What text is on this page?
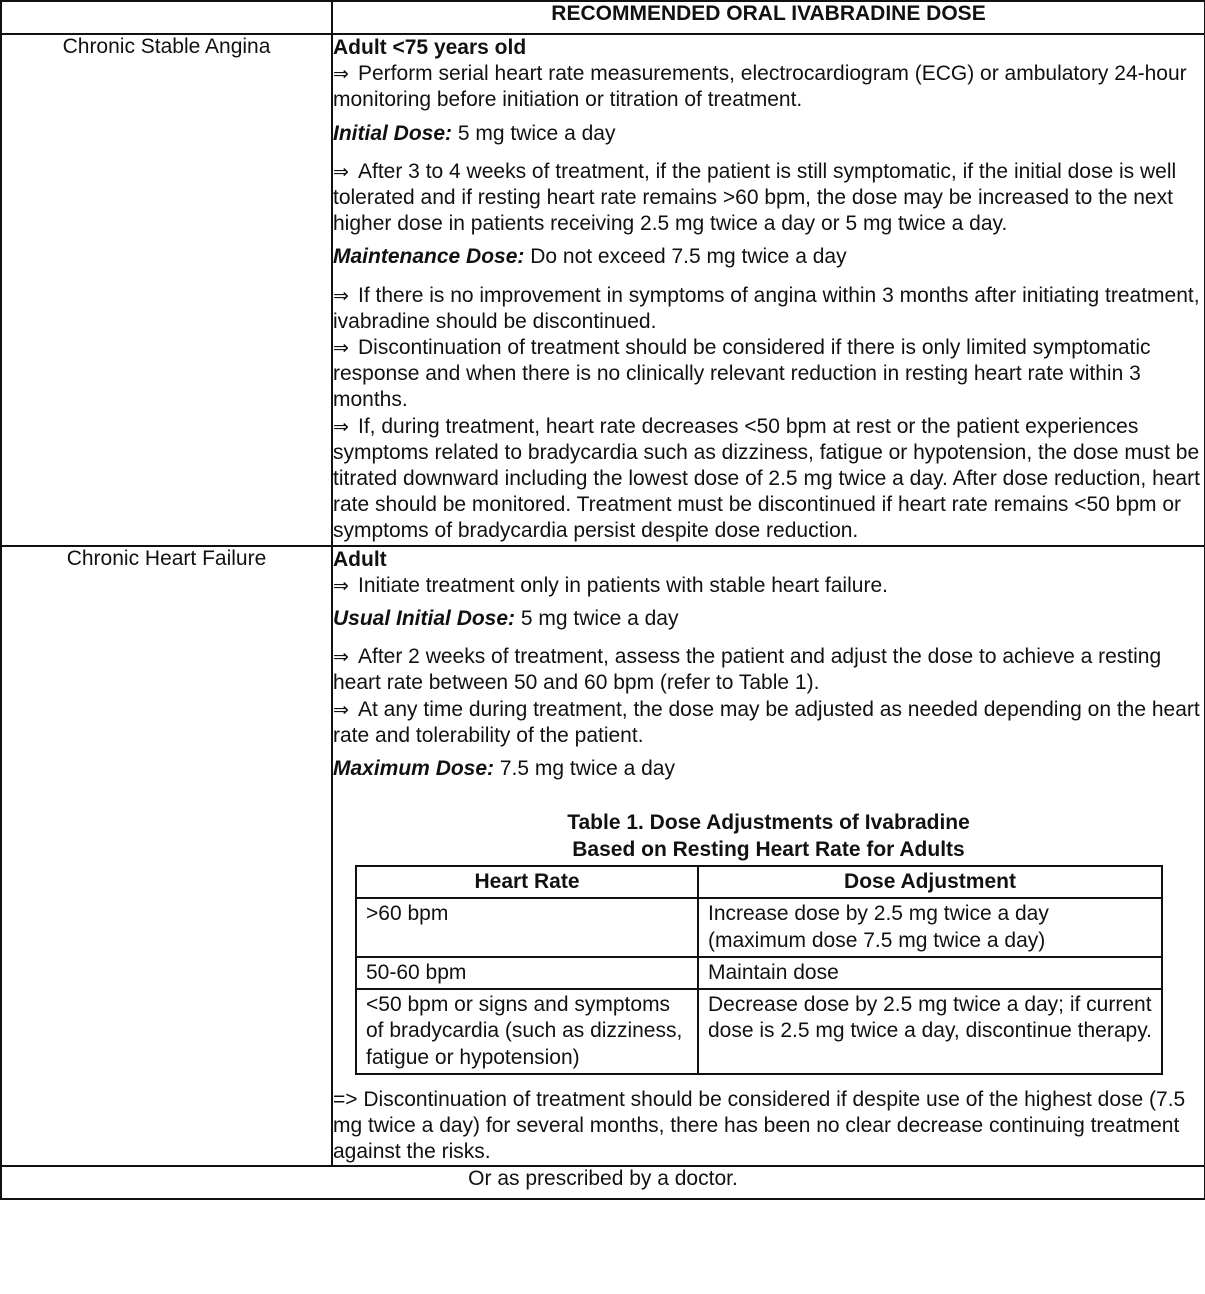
	RECOMMENDED ORAL IVABRADINE DOSE
Chronic Stable Angina	Adult <75 years old

⇒ Perform serial heart rate measurements, electrocardiogram (ECG) or ambulatory 24-hour monitoring before initiation or titration of treatment.

Initial Dose: 5 mg twice a day

⇒ After 3 to 4 weeks of treatment, if the patient is still symptomatic, if the initial dose is well tolerated and if resting heart rate remains >60 bpm, the dose may be increased to the next higher dose in patients receiving 2.5 mg twice a day or 5 mg twice a day.

Maintenance Dose: Do not exceed 7.5 mg twice a day

⇒ If there is no improvement in symptoms of angina within 3 months after initiating treatment, ivabradine should be discontinued.

⇒ Discontinuation of treatment should be considered if there is only limited symptomatic response and when there is no clinically relevant reduction in resting heart rate within 3 months.

⇒ If, during treatment, heart rate decreases <50 bpm at rest or the patient experiences symptoms related to bradycardia such as dizziness, fatigue or hypotension, the dose must be titrated downward including the lowest dose of 2.5 mg twice a day. After dose reduction, heart rate should be monitored. Treatment must be discontinued if heart rate remains <50 bpm or symptoms of bradycardia persist despite dose reduction.

Chronic Heart Failure	Adult

⇒ Initiate treatment only in patients with stable heart failure.

Usual Initial Dose: 5 mg twice a day

⇒ After 2 weeks of treatment, assess the patient and adjust the dose to achieve a resting heart rate between 50 and 60 bpm (refer to Table 1).

⇒ At any time during treatment, the dose may be adjusted as needed depending on the heart rate and tolerability of the patient.

Maximum Dose: 7.5 mg twice a day

Table 1. Dose Adjustments of Ivabradine
Based on Resting Heart Rate for Adults
Heart Rate	Dose Adjustment
>60 bpm	Increase dose by 2.5 mg twice a day (maximum dose 7.5 mg twice a day)
50-60 bpm	Maintain dose
<50 bpm or signs and symptoms of bradycardia (such as dizziness, fatigue or hypotension)	Decrease dose by 2.5 mg twice a day; if current dose is 2.5 mg twice a day, discontinue therapy.

=> Discontinuation of treatment should be considered if despite use of the highest dose (7.5 mg twice a day) for several months, there has been no clear decrease continuing treatment against the risks.

Or as prescribed by a doctor.
